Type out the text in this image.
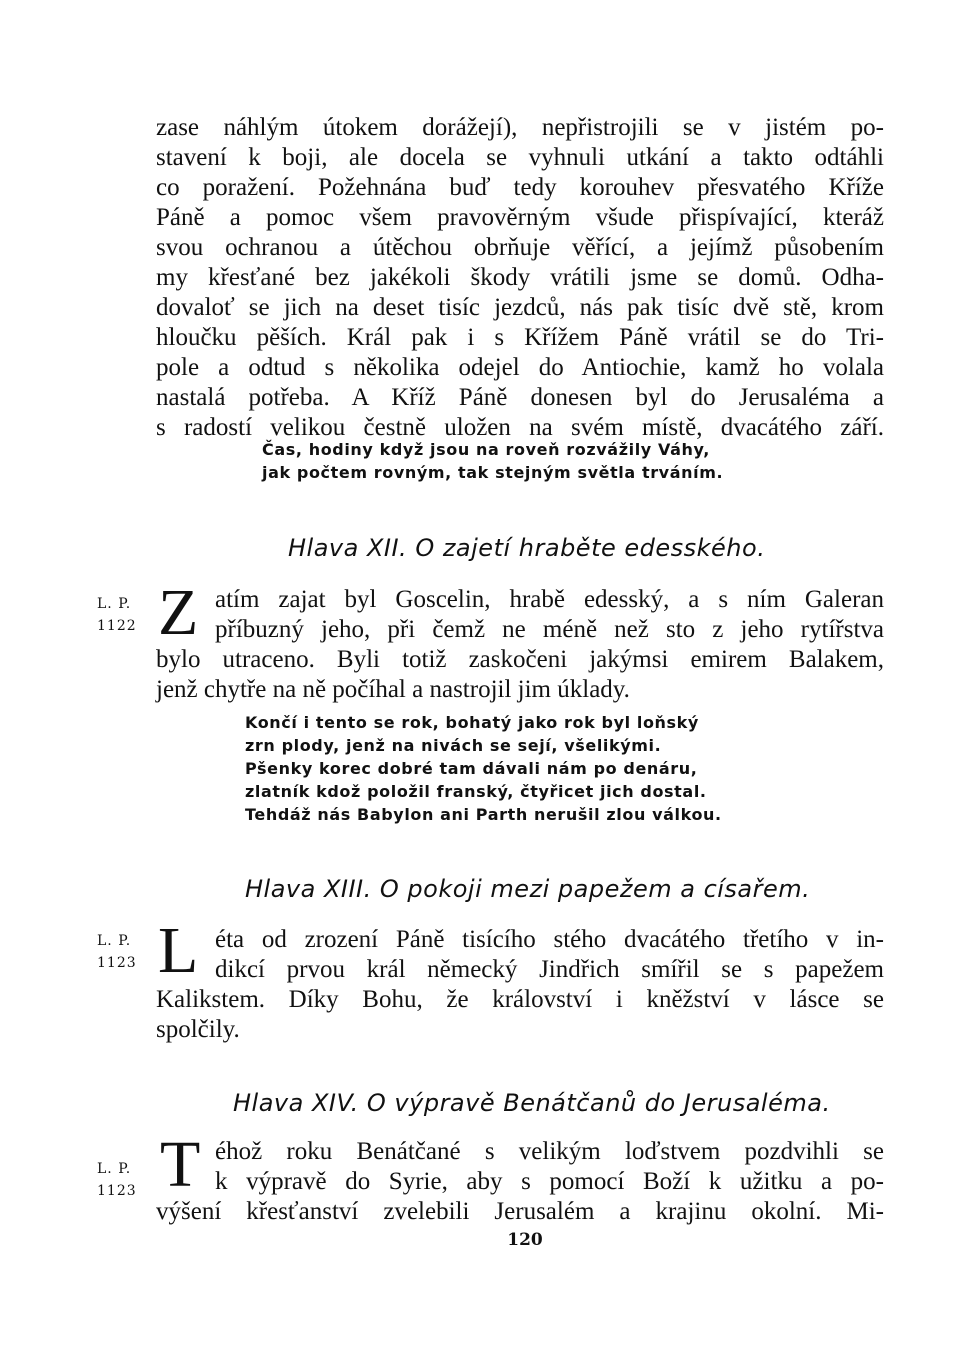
zase náhlým útokem dorážejí), nepřistrojili se v jistém po-
stavení k boji, ale docela se vyhnuli utkání a takto odtáhli
co poražení. Požehnána buď tedy korouhev přesvatého Kříže
Páně a pomoc všem pravověrným všude přispívající, kteráž
svou ochranou a útěchou obrňuje věřící, a jejímž působením
my křesťané bez jakékoli škody vrátili jsme se domů. Odha-
dovaloť se jich na deset tisíc jezdců, nás pak tisíc dvě stě, krom
hloučku pěších. Král pak i s Křížem Páně vrátil se do Tri-
pole a odtud s několika odejel do Antiochie, kamž ho volala
nastalá potřeba. A Kříž Páně donesen byl do Jerusaléma a
s radostí velikou čestně uložen na svém místě, dvacátého září.
Čas, hodiny když jsou na roveň rozvážily Váhy,
jak počtem rovným, tak stejným světla trváním.
Hlava XII. O zajetí hraběte edesského.
L. P.
1122 Z atím zajat byl Goscelin, hrabě edesský, a s ním Galeran
příbuzný jeho, při čemž ne méně než sto z jeho rytířstva
bylo utraceno. Byli totiž zaskočeni jakýmsi emirem Balakem,
jenž chytře na ně počíhal a nastrojil jim úklady.
Končí i tento se rok, bohatý jako rok byl loňský
zrn plody, jenž na nivách se sejí, všelikými.
Pšenky korec dobré tam dávali nám po denáru,
zlatník kdož položil franský, čtyřicet jich dostal.
Tehdáž nás Babylon ani Parth nerušil zlou válkou.
Hlava XIII. O pokoji mezi papežem a císařem.
L. P.
1123 L éta od zrození Páně tisícího stého dvacátého třetího v in-
dikcí prvou král německý Jindřich smířil se s papežem
Kalikstem. Díky Bohu, že království i kněžství v lásce se
spolčily.
Hlava XIV. O výpravě Benátčanů do Jerusaléma.
L. P.
1123 T éhož roku Benátčané s velikým loďstvem pozdvihli se
k výpravě do Syrie, aby s pomocí Boží k užitku a po-
výšení křesťanství zvelebili Jerusalém a krajinu okolní. Mi-
120
